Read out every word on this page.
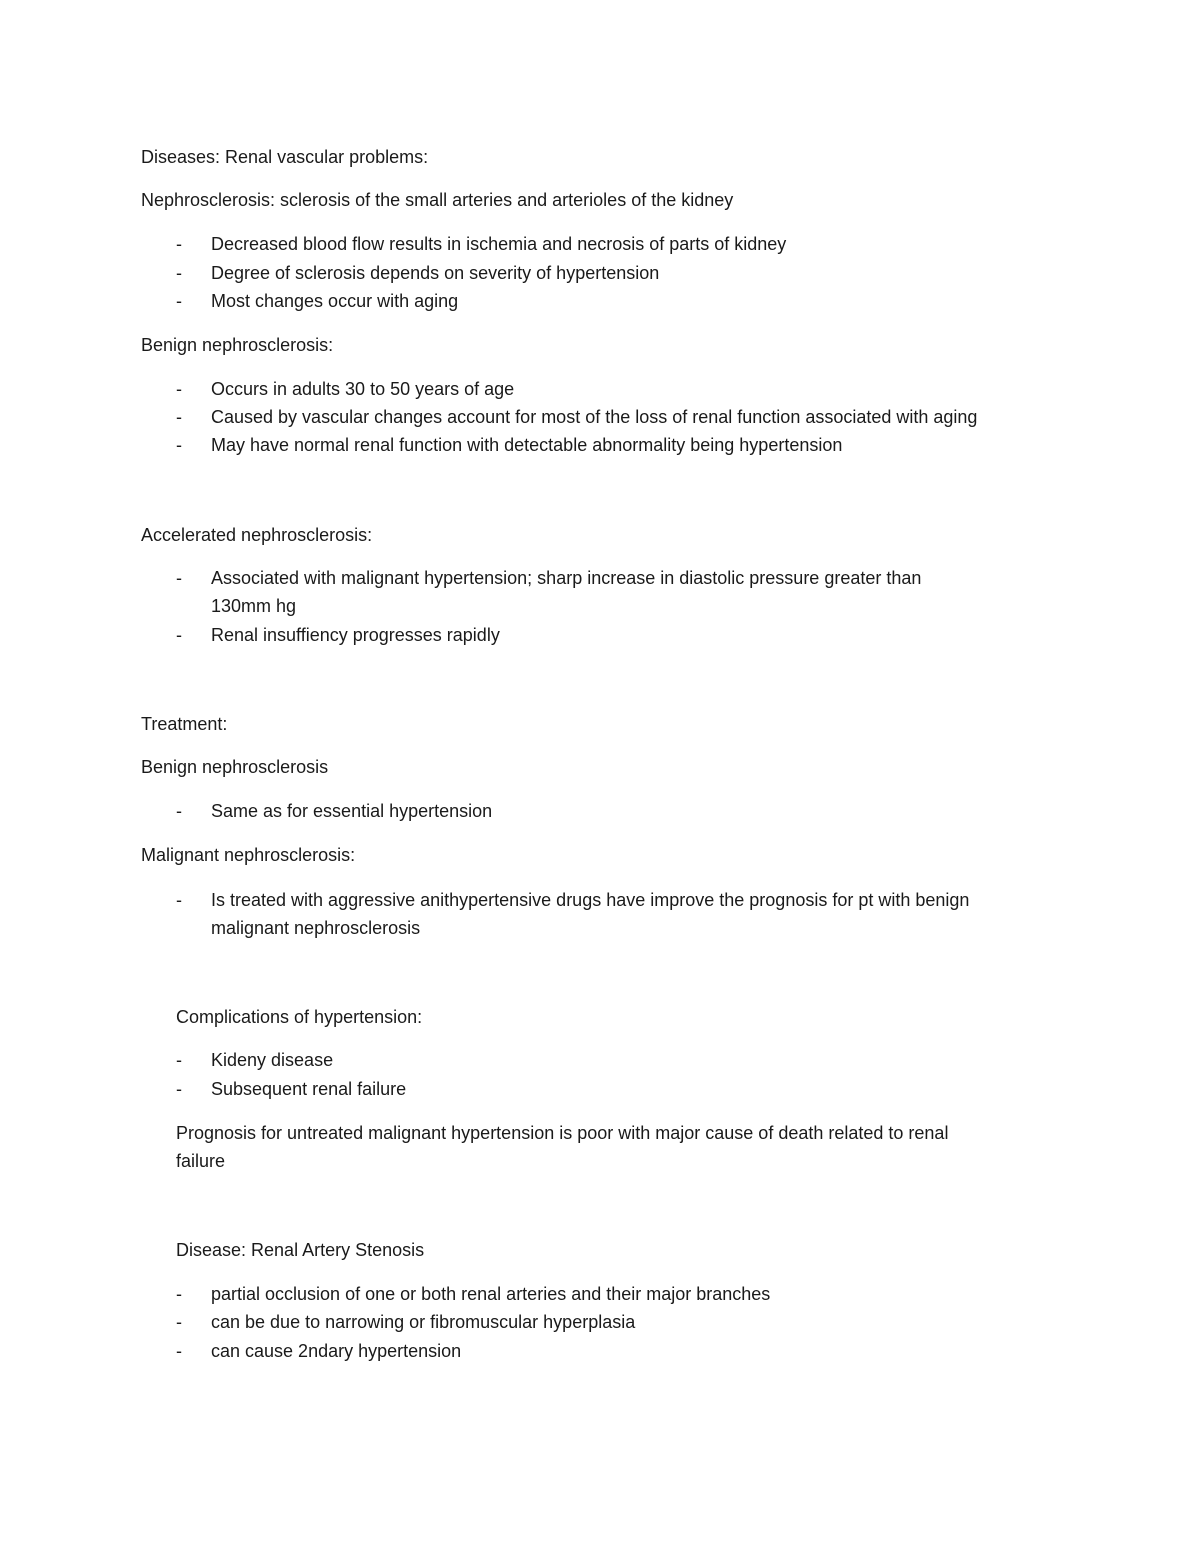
Diseases: Renal vascular problems:
Nephrosclerosis: sclerosis of the small arteries and arterioles of the kidney
- Decreased blood flow results in ischemia and necrosis of parts of kidney
- Degree of sclerosis depends on severity of hypertension
- Most changes occur with aging
Benign nephrosclerosis:
- Occurs in adults 30 to 50 years of age
- Caused by vascular changes account for most of the loss of renal function associated with aging
- May have normal renal function with detectable abnormality being hypertension
Accelerated nephrosclerosis:
- Associated with malignant hypertension; sharp increase in diastolic pressure greater than
130mm hg
- Renal insuffiency progresses rapidly
Treatment:
Benign nephrosclerosis
- Same as for essential hypertension
Malignant nephrosclerosis:
- Is treated with aggressive anithypertensive drugs have improve the prognosis for pt with benign
malignant nephrosclerosis
Complications of hypertension:
- Kideny disease
- Subsequent renal failure
Prognosis for untreated malignant hypertension is poor with major cause of death related to renal
failure
Disease: Renal Artery Stenosis
- partial occlusion of one or both renal arteries and their major branches
- can be due to narrowing or fibromuscular hyperplasia
- can cause 2ndary hypertension
